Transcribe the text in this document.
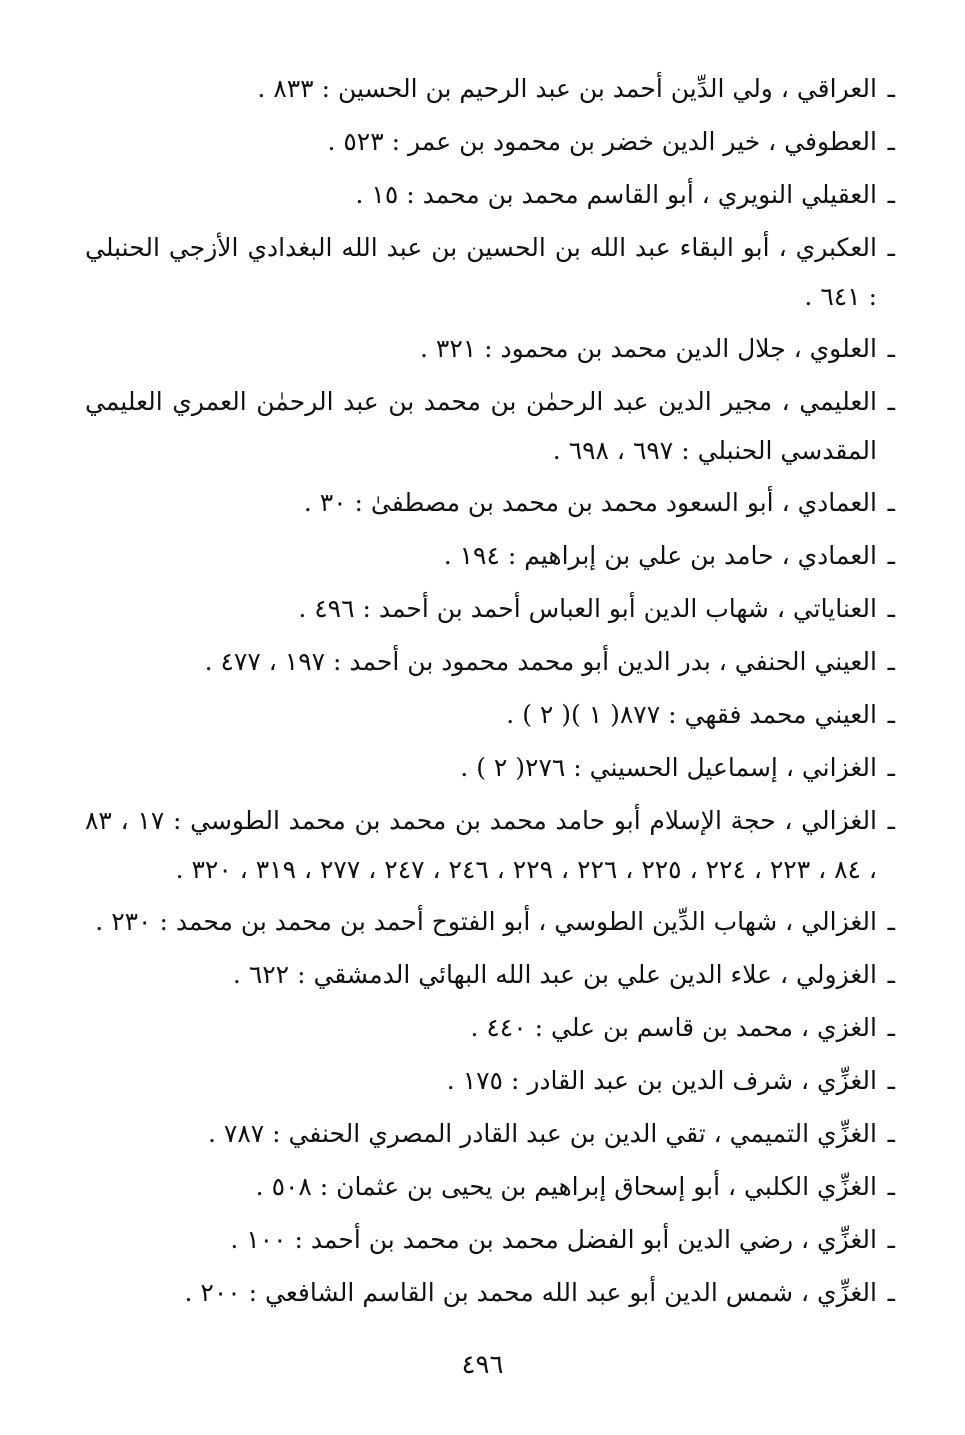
ـ
العراقي ، ولي الدِّين أحمد بن عبد الرحيم بن الحسين : ٨٣٣ .
ـ
العطوفي ، خير الدين خضر بن محمود بن عمر : ٥٢٣ .
ـ
العقيلي النويري ، أبو القاسم محمد بن محمد : ١٥ .
ـ
العكبري ، أبو البقاء عبد الله بن الحسين بن عبد الله البغدادي الأزجي الحنبلي : ٦٤١ .
ـ
العلوي ، جلال الدين محمد بن محمود : ٣٢١ .
ـ
العليمي ، مجير الدين عبد الرحمٰن بن محمد بن عبد الرحمٰن العمري العليمي المقدسي الحنبلي : ٦٩٧ ، ٦٩٨ .
ـ
العمادي ، أبو السعود محمد بن محمد بن مصطفىٰ : ٣٠ .
ـ
العمادي ، حامد بن علي بن إبراهيم : ١٩٤ .
ـ
العناياتي ، شهاب الدين أبو العباس أحمد بن أحمد : ٤٩٦ .
ـ
العيني الحنفي ، بدر الدين أبو محمد محمود بن أحمد : ١٩٧ ، ٤٧٧ .
ـ
العيني محمد فقهي : ٨٧٧( ١ )( ٢ ) .
ـ
الغزاني ، إسماعيل الحسيني : ٢٧٦( ٢ ) .
ـ
الغزالي ، حجة الإسلام أبو حامد محمد بن محمد بن محمد الطوسي : ١٧ ، ٨٣ ، ٨٤ ، ٢٢٣ ، ٢٢٤ ، ٢٢٥ ، ٢٢٦ ، ٢٢٩ ، ٢٤٦ ، ٢٤٧ ، ٢٧٧ ، ٣١٩ ، ٣٢٠ .
ـ
الغزالي ، شهاب الدِّين الطوسي ، أبو الفتوح أحمد بن محمد بن محمد : ٢٣٠ .
ـ
الغزولي ، علاء الدين علي بن عبد الله البهائي الدمشقي : ٦٢٢ .
ـ
الغزي ، محمد بن قاسم بن علي : ٤٤٠ .
ـ
الغزِّي ، شرف الدين بن عبد القادر : ١٧٥ .
ـ
الغزِّي التميمي ، تقي الدين بن عبد القادر المصري الحنفي : ٧٨٧ .
ـ
الغزِّي الكلبي ، أبو إسحاق إبراهيم بن يحيى بن عثمان : ٥٠٨ .
ـ
الغزِّي ، رضي الدين أبو الفضل محمد بن محمد بن أحمد : ١٠٠ .
ـ
الغزِّي ، شمس الدين أبو عبد الله محمد بن القاسم الشافعي : ٢٠٠ .
٤٩٦
